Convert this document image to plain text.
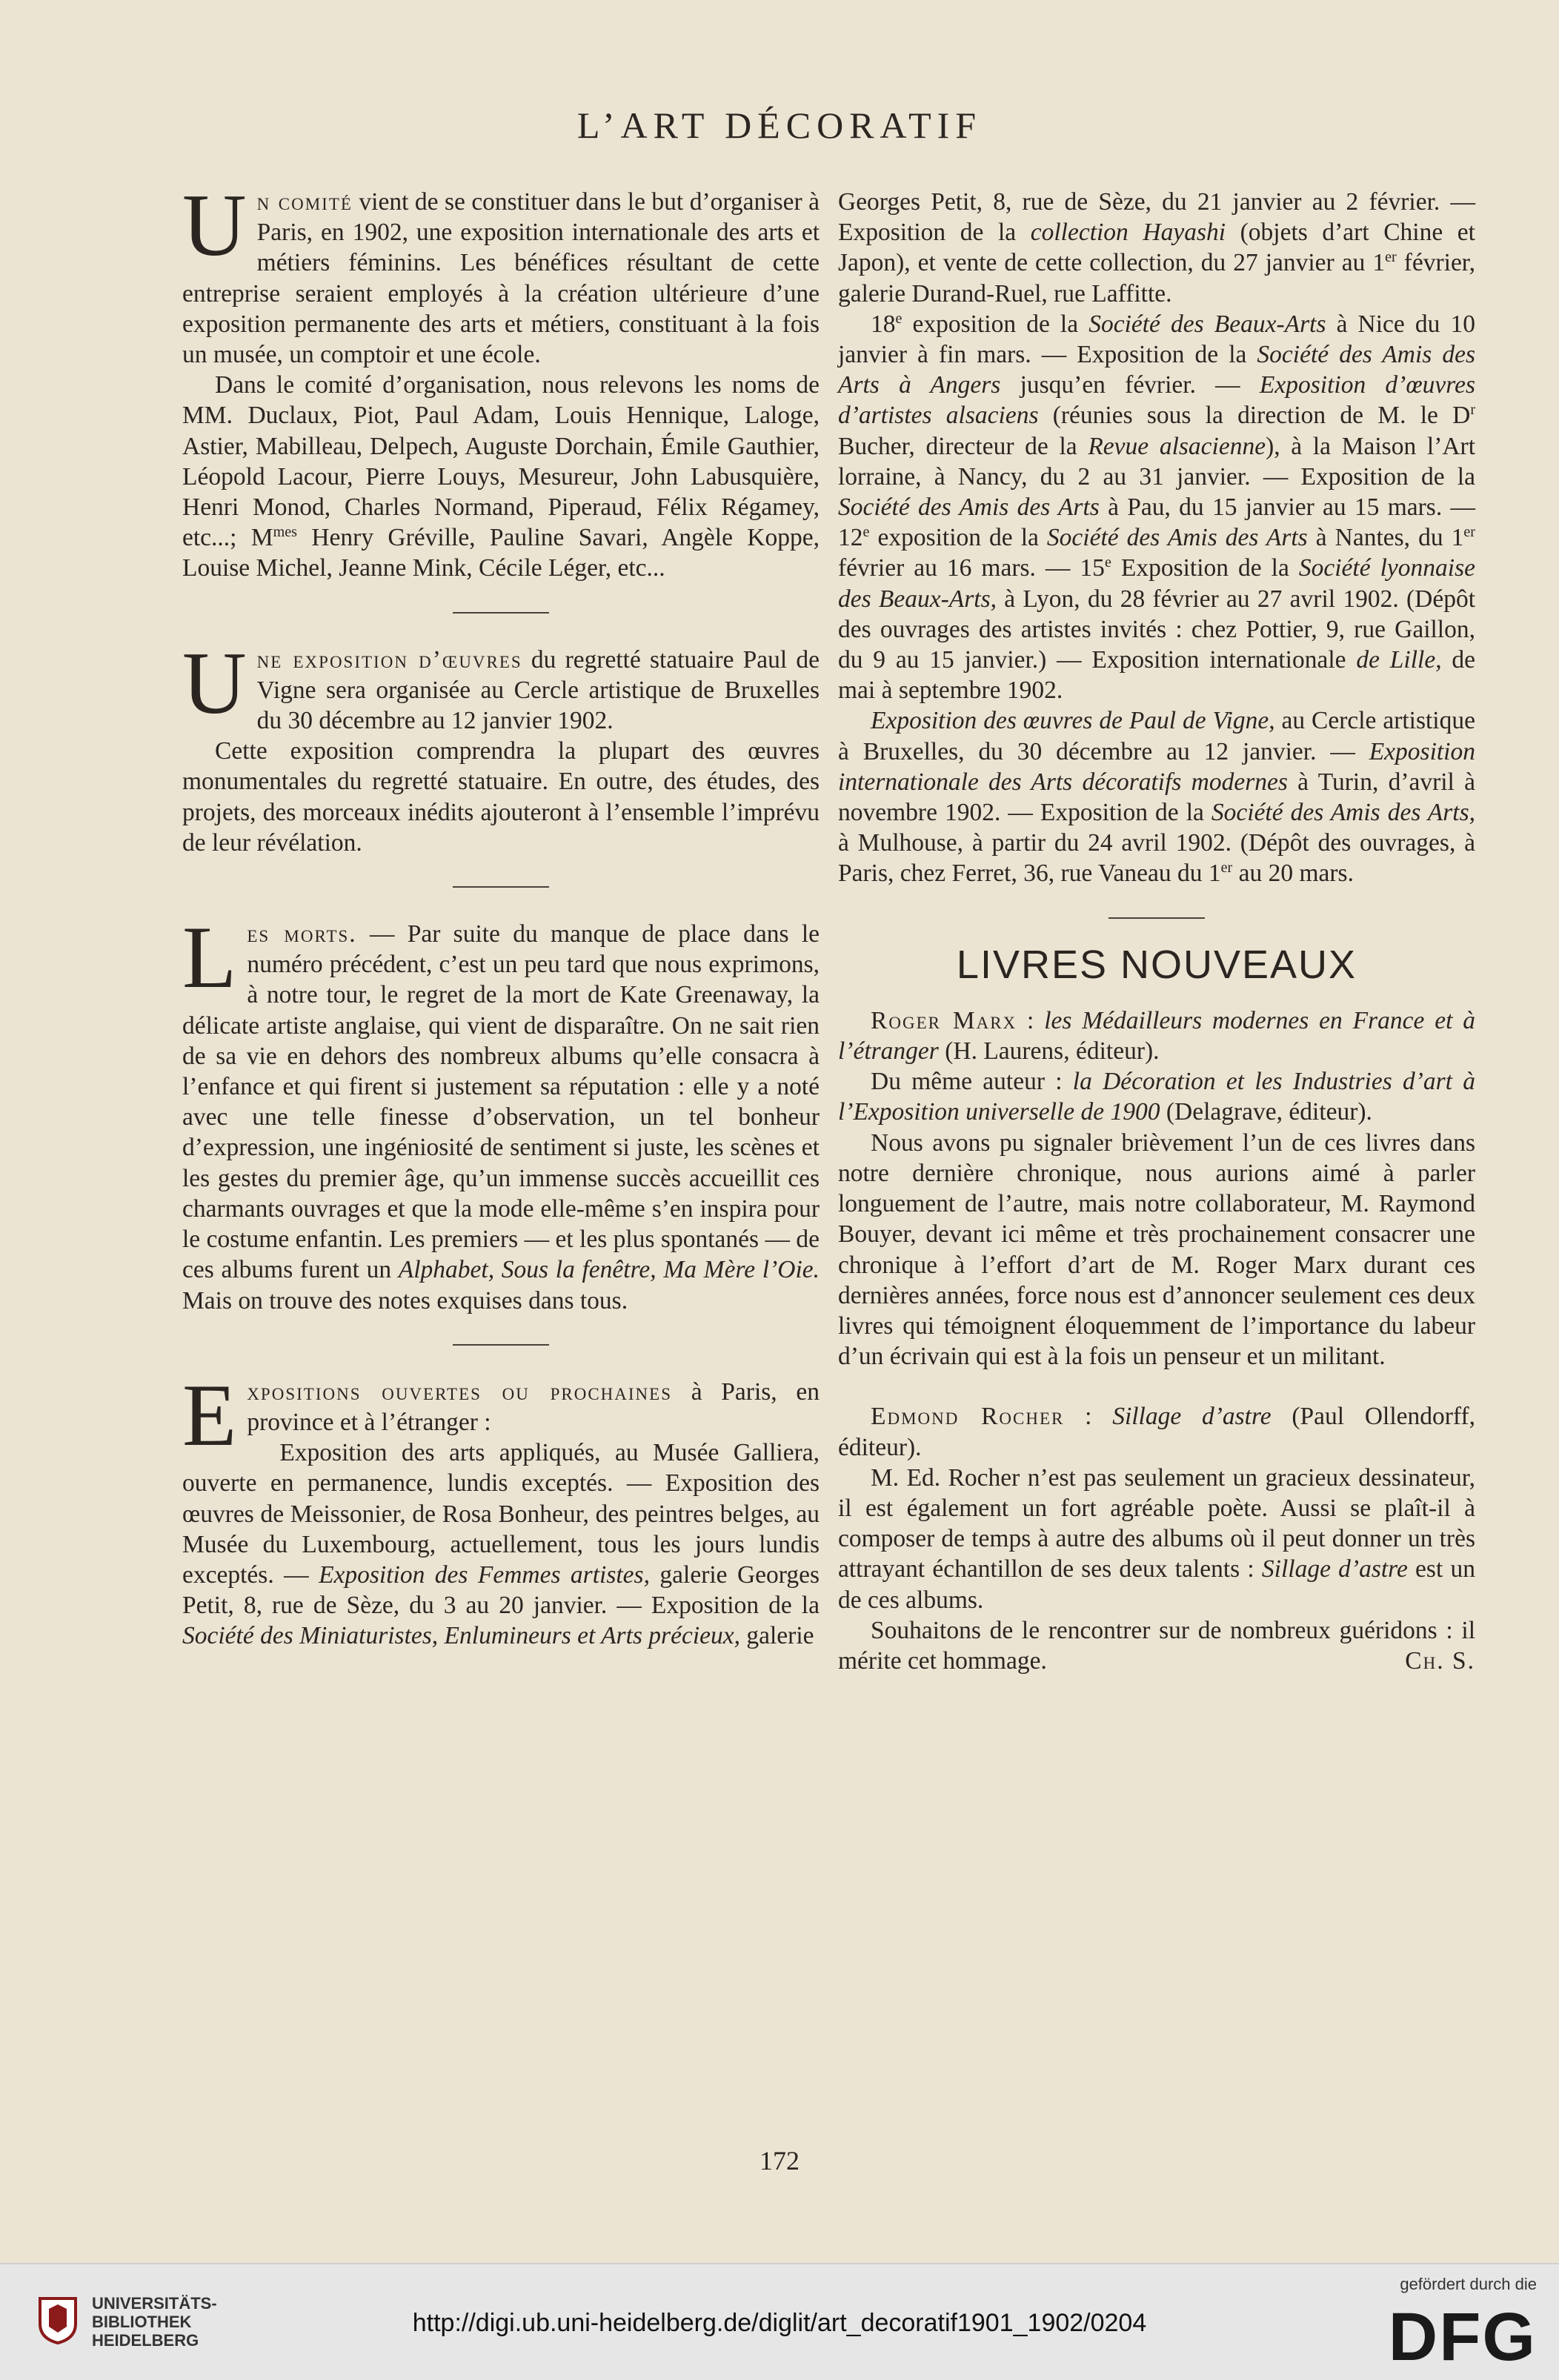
L’ART DÉCORATIF

Un comité vient de se constituer dans le but d’organiser à Paris, en 1902, une exposition internationale des arts et métiers féminins. Les bénéfices résultant de cette entreprise seraient employés à la création ultérieure d’une exposition permanente des arts et métiers, constituant à la fois un musée, un comptoir et une école.

Dans le comité d’organisation, nous relevons les noms de MM. Duclaux, Piot, Paul Adam, Louis Hennique, Laloge, Astier, Mabilleau, Delpech, Auguste Dorchain, Émile Gauthier, Léopold Lacour, Pierre Louys, Mesureur, John Labusquière, Henri Monod, Charles Normand, Piperaud, Félix Régamey, etc...; $M^{mes}$ Henry Gréville, Pauline Savari, Angèle Koppe, Louise Michel, Jeanne Mink, Cécile Léger, etc...

Une exposition d’œuvres du regretté statuaire Paul de Vigne sera organisée au Cercle artistique de Bruxelles du 30 décembre au 12 janvier 1902.

Cette exposition comprendra la plupart des œuvres monumentales du regretté statuaire. En outre, des études, des projets, des morceaux inédits ajouteront à l’ensemble l’imprévu de leur révélation.

Les morts. — Par suite du manque de place dans le numéro précédent, c’est un peu tard que nous exprimons, à notre tour, le regret de la mort de Kate Greenaway, la délicate artiste anglaise, qui vient de disparaître. On ne sait rien de sa vie en dehors des nombreux albums qu’elle consacra à l’enfance et qui firent si justement sa réputation : elle y a noté avec une telle finesse d’observation, un tel bonheur d’expression, une ingéniosité de sentiment si juste, les scènes et les gestes du premier âge, qu’un immense succès accueillit ces charmants ouvrages et que la mode elle-même s’en inspira pour le costume enfantin. Les premiers — et les plus spontanés — de ces albums furent un Alphabet, Sous la fenêtre, Ma Mère l’Oie. Mais on trouve des notes exquises dans tous.

Expositions ouvertes ou prochaines à Paris, en province et à l’étranger :

Exposition des arts appliqués, au Musée Galliera, ouverte en permanence, lundis exceptés. — Exposition des œuvres de Meissonier, de Rosa Bonheur, des peintres belges, au Musée du Luxembourg, actuellement, tous les jours lundis exceptés. — Exposition des Femmes artistes, galerie Georges Petit, 8, rue de Sèze, du 3 au 20 janvier. — Exposition de la Société des Miniaturistes, Enlumineurs et Arts précieux, galerie

Georges Petit, 8, rue de Sèze, du 21 janvier au 2 février. — Exposition de la collection Hayashi (objets d’art Chine et Japon), et vente de cette collection, du 27 janvier au 1er février, galerie Durand-Ruel, rue Laffitte.

18e exposition de la Société des Beaux-Arts à Nice du 10 janvier à fin mars. — Exposition de la Société des Amis des Arts à Angers jusqu’en février. — Exposition d’œuvres d’artistes alsaciens (réunies sous la direction de M. le $D^r$ Bucher, directeur de la Revue alsacienne), à la Maison l’Art lorraine, à Nancy, du 2 au 31 janvier. — Exposition de la Société des Amis des Arts à Pau, du 15 janvier au 15 mars. — 12e exposition de la Société des Amis des Arts à Nantes, du 1er février au 16 mars. — 15e Exposition de la Société lyonnaise des Beaux-Arts, à Lyon, du 28 février au 27 avril 1902. (Dépôt des ouvrages des artistes invités : chez Pottier, 9, rue Gaillon, du 9 au 15 janvier.) — Exposition internationale de Lille, de mai à septembre 1902.

Exposition des œuvres de Paul de Vigne, au Cercle artistique à Bruxelles, du 30 décembre au 12 janvier. — Exposition internationale des Arts décoratifs modernes à Turin, d’avril à novembre 1902. — Exposition de la Société des Amis des Arts, à Mulhouse, à partir du 24 avril 1902. (Dépôt des ouvrages, à Paris, chez Ferret, 36, rue Vaneau du 1er au 20 mars.

LIVRES NOUVEAUX

Roger Marx : les Médailleurs modernes en France et à l’étranger (H. Laurens, éditeur).

Du même auteur : la Décoration et les Industries d’art à l’Exposition universelle de 1900 (Delagrave, éditeur).

Nous avons pu signaler brièvement l’un de ces livres dans notre dernière chronique, nous aurions aimé à parler longuement de l’autre, mais notre collaborateur, M. Raymond Bouyer, devant ici même et très prochainement consacrer une chronique à l’effort d’art de M. Roger Marx durant ces dernières années, force nous est d’annoncer seulement ces deux livres qui témoignent éloquemment de l’importance du labeur d’un écrivain qui est à la fois un penseur et un militant.

Edmond Rocher : Sillage d’astre (Paul Ollendorff, éditeur).

M. Ed. Rocher n’est pas seulement un gracieux dessinateur, il est également un fort agréable poète. Aussi se plaît-il à composer de temps à autre des albums où il peut donner un très attrayant échantillon de ses deux talents : Sillage d’astre est un de ces albums.

Souhaitons de le rencontrer sur de nombreux guéridons : il mérite cet hommage.	Ch. S.

172
UNIVERSITÄTS-
BIBLIOTHEK
HEIDELBERG
http://digi.ub.uni-heidelberg.de/diglit/art_decoratif1901_1902/0204
gefördert durch die
DFG
